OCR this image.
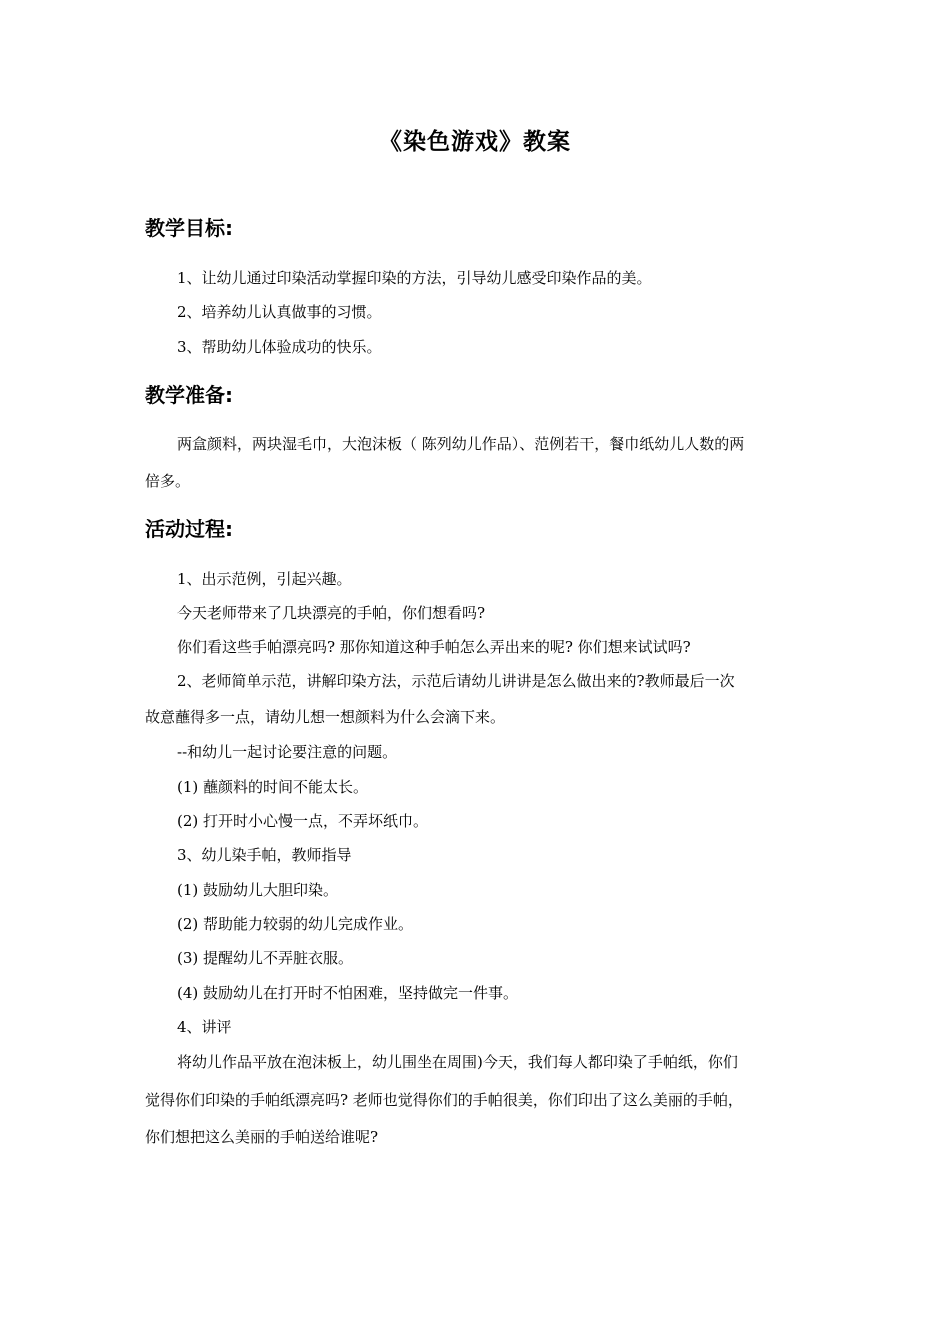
《染色游戏》教案
教学目标:
1、让幼儿通过印染活动掌握印染的方法，引导幼儿感受印染作品的美。
2、培养幼儿认真做事的习惯。
3、帮助幼儿体验成功的快乐。
教学准备:
两盒颜料，两块湿毛巾，大泡沫板（ 陈列幼儿作品）、范例若干，餐巾纸幼儿人数的两
倍多。
活动过程:
1、出示范例，引起兴趣。
今天老师带来了几块漂亮的手帕，你们想看吗?
你们看这些手帕漂亮吗? 那你知道这种手帕怎么弄出来的呢? 你们想来试试吗?
2、老师简单示范，讲解印染方法，示范后请幼儿讲讲是怎么做出来的?教师最后一次
故意蘸得多一点，请幼儿想一想颜料为什么会滴下来。
--和幼儿一起讨论要注意的问题。
(1) 蘸颜料的时间不能太长。
(2) 打开时小心慢一点，不弄坏纸巾。
3、幼儿染手帕，教师指导
(1) 鼓励幼儿大胆印染。
(2) 帮助能力较弱的幼儿完成作业。
(3) 提醒幼儿不弄脏衣服。
(4) 鼓励幼儿在打开时不怕困难，坚持做完一件事。
4、讲评
将幼儿作品平放在泡沫板上，幼儿围坐在周围)今天，我们每人都印染了手帕纸，你们
觉得你们印染的手帕纸漂亮吗? 老师也觉得你们的手帕很美，你们印出了这么美丽的手帕，
你们想把这么美丽的手帕送给谁呢?
